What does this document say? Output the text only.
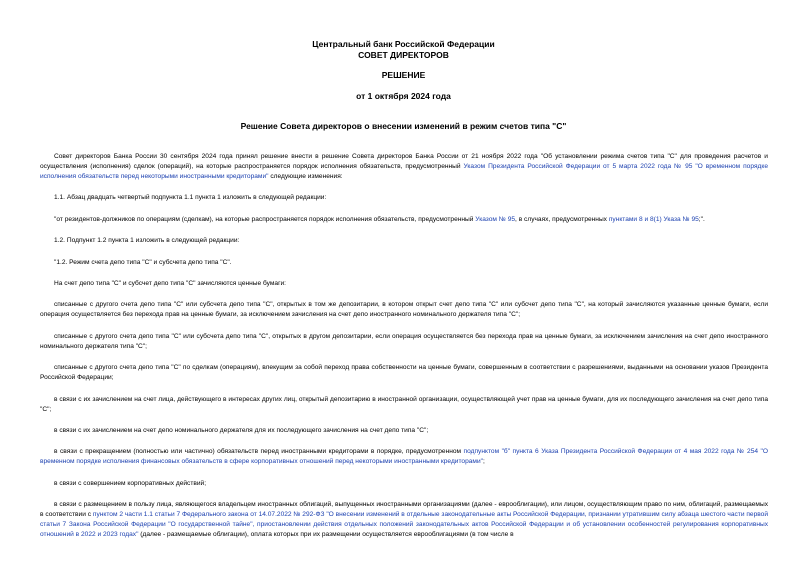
Центральный банк Российской Федерации
СОВЕТ ДИРЕКТОРОВ
РЕШЕНИЕ
от 1 октября 2024 года
Решение Совета директоров о внесении изменений в режим счетов типа "С"

Совет директоров Банка России 30 сентября 2024 года принял решение внести в решение Совета директоров Банка России от 21 ноября 2022 года "Об установлении режима счетов типа "С" для проведения расчетов и осуществления (исполнения) сделок (операций), на которые распространяется порядок исполнения обязательств, предусмотренный Указом Президента Российской Федерации от 5 марта 2022 года № 95 "О временном порядке исполнения обязательств перед некоторыми иностранными кредиторами" следующие изменения:

1.1. Абзац двадцать четвертый подпункта 1.1 пункта 1 изложить в следующей редакции:

"от резидентов-должников по операциям (сделкам), на которые распространяется порядок исполнения обязательств, предусмотренный Указом № 95, в случаях, предусмотренных пунктами 8 и 8(1) Указа № 95;".

1.2. Подпункт 1.2 пункта 1 изложить в следующей редакции:

"1.2. Режим счета депо типа "С" и субсчета депо типа "С".

На счет депо типа "С" и субсчет депо типа "С" зачисляются ценные бумаги:

списанные с другого счета депо типа "С" или субсчета депо типа "С", открытых в том же депозитарии, в котором открыт счет депо типа "С" или субсчет депо типа "С", на который зачисляются указанные ценные бумаги, если операция осуществляется без перехода прав на ценные бумаги, за исключением зачисления на счет депо иностранного номинального держателя типа "С";

списанные с другого счета депо типа "С" или субсчета депо типа "С", открытых в другом депозитарии, если операция осуществляется без перехода прав на ценные бумаги, за исключением зачисления на счет депо иностранного номинального держателя типа "С";

списанные с другого счета депо типа "С" по сделкам (операциям), влекущим за собой переход права собственности на ценные бумаги, совершенным в соответствии с разрешениями, выданными на основании указов Президента Российской Федерации;

в связи с их зачислением на счет лица, действующего в интересах других лиц, открытый депозитарию в иностранной организации, осуществляющей учет прав на ценные бумаги, для их последующего зачисления на счет депо типа "С";

в связи с их зачислением на счет депо номинального держателя для их последующего зачисления на счет депо типа "С";

в связи с прекращением (полностью или частично) обязательств перед иностранными кредиторами в порядке, предусмотренном подпунктом "б" пункта 6 Указа Президента Российской Федерации от 4 мая 2022 года № 254 "О временном порядке исполнения финансовых обязательств в сфере корпоративных отношений перед некоторыми иностранными кредиторами";

в связи с совершением корпоративных действий;

в связи с размещением в пользу лица, являющегося владельцем иностранных облигаций, выпущенных иностранными организациями (далее - еврооблигации), или лицом, осуществляющим право по ним, облигаций, размещаемых в соответствии с пунктом 2 части 1.1 статьи 7 Федерального закона от 14.07.2022 № 292-ФЗ "О внесении изменений в отдельные законодательные акты Российской Федерации, признании утратившим силу абзаца шестого части первой статьи 7 Закона Российской Федерации "О государственной тайне", приостановлении действия отдельных положений законодательных актов Российской Федерации и об установлении особенностей регулирования корпоративных отношений в 2022 и 2023 годах" (далее - размещаемые облигации), оплата которых при их размещении осуществляется еврооблигациями (в том числе в
